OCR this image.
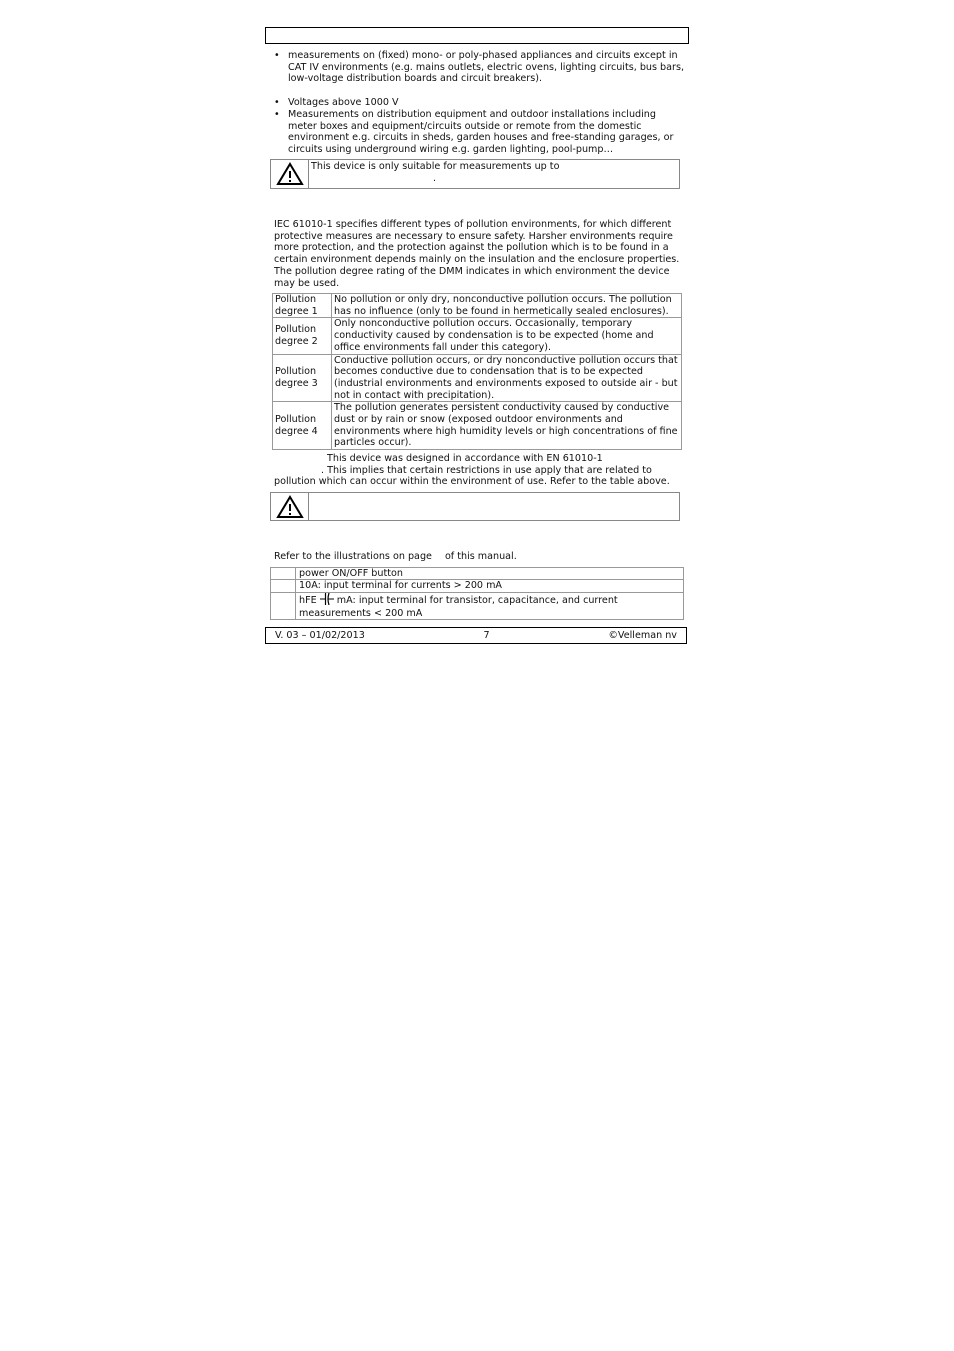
• measurements on (fixed) mono- or poly-phased appliances and circuits except in CAT IV environments (e.g. mains outlets, electric ovens, lighting circuits, bus bars, low-voltage distribution boards and circuit breakers).
• Voltages above 1000 V
• Measurements on distribution equipment and outdoor installations including meter boxes and equipment/circuits outside or remote from the domestic environment e.g. circuits in sheds, garden houses and free-standing garages, or circuits using underground wiring e.g. garden lighting, pool-pump…
This device is only suitable for measurements up to
.

IEC 61010-1 specifies different types of pollution environments, for which different protective measures are necessary to ensure safety. Harsher environments require more protection, and the protection against the pollution which is to be found in a certain environment depends mainly on the insulation and the enclosure properties. The pollution degree rating of the DMM indicates in which environment the device may be used.

Pollution degree 1	No pollution or only dry, nonconductive pollution occurs. The pollution has no influence (only to be found in hermetically sealed enclosures).
Pollution degree 2	Only nonconductive pollution occurs. Occasionally, temporary conductivity caused by condensation is to be expected (home and office environments fall under this category).
Pollution degree 3	Conductive pollution occurs, or dry nonconductive pollution occurs that becomes conductive due to condensation that is to be expected (industrial environments and environments exposed to outside air - but not in contact with precipitation).
Pollution degree 4	The pollution generates persistent conductivity caused by conductive dust or by rain or snow (exposed outdoor environments and environments where high humidity levels or high concentrations of fine particles occur).
This device was designed in accordance with EN 61010-1
. This implies that certain restrictions in use apply that are related to
pollution which can occur within the environment of use. Refer to the table above.

Refer to the illustrations on page of this manual.

	power ON/OFF button
	10A: input terminal for currents > 200 mA
	hFE mA: input terminal for transistor, capacitance, and current measurements < 200 mA
V. 03 – 01/02/2013	7	©Velleman nv
